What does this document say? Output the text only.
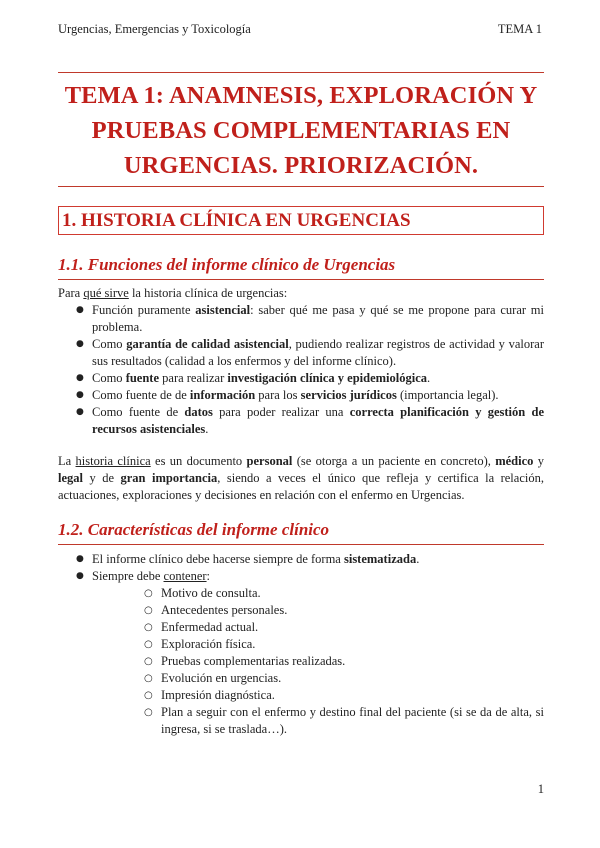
Urgencias, Emergencias y Toxicología	TEMA 1
TEMA 1: ANAMNESIS, EXPLORACIÓN Y PRUEBAS COMPLEMENTARIAS EN URGENCIAS. PRIORIZACIÓN.
1. HISTORIA CLÍNICA EN URGENCIAS
1.1. Funciones del informe clínico de Urgencias

Para qué sirve la historia clínica de urgencias:

● Función puramente asistencial: saber qué me pasa y qué se me propone para curar mi problema.
● Como garantía de calidad asistencial, pudiendo realizar registros de actividad y valorar sus resultados (calidad a los enfermos y del informe clínico).
● Como fuente para realizar investigación clínica y epidemiológica.
● Como fuente de de información para los servicios jurídicos (importancia legal).
● Como fuente de datos para poder realizar una correcta planificación y gestión de recursos asistenciales.

La historia clínica es un documento personal (se otorga a un paciente en concreto), médico y legal y de gran importancia, siendo a veces el único que refleja y certifica la relación, actuaciones, exploraciones y decisiones en relación con el enfermo en Urgencias.

1.2. Características del informe clínico
● El informe clínico debe hacerse siempre de forma sistematizada.
● Siempre debe contener:
○ Motivo de consulta.
○ Antecedentes personales.
○ Enfermedad actual.
○ Exploración física.
○ Pruebas complementarias realizadas.
○ Evolución en urgencias.
○ Impresión diagnóstica.
○ Plan a seguir con el enfermo y destino final del paciente (si se da de alta, si ingresa, si se traslada…).
1
